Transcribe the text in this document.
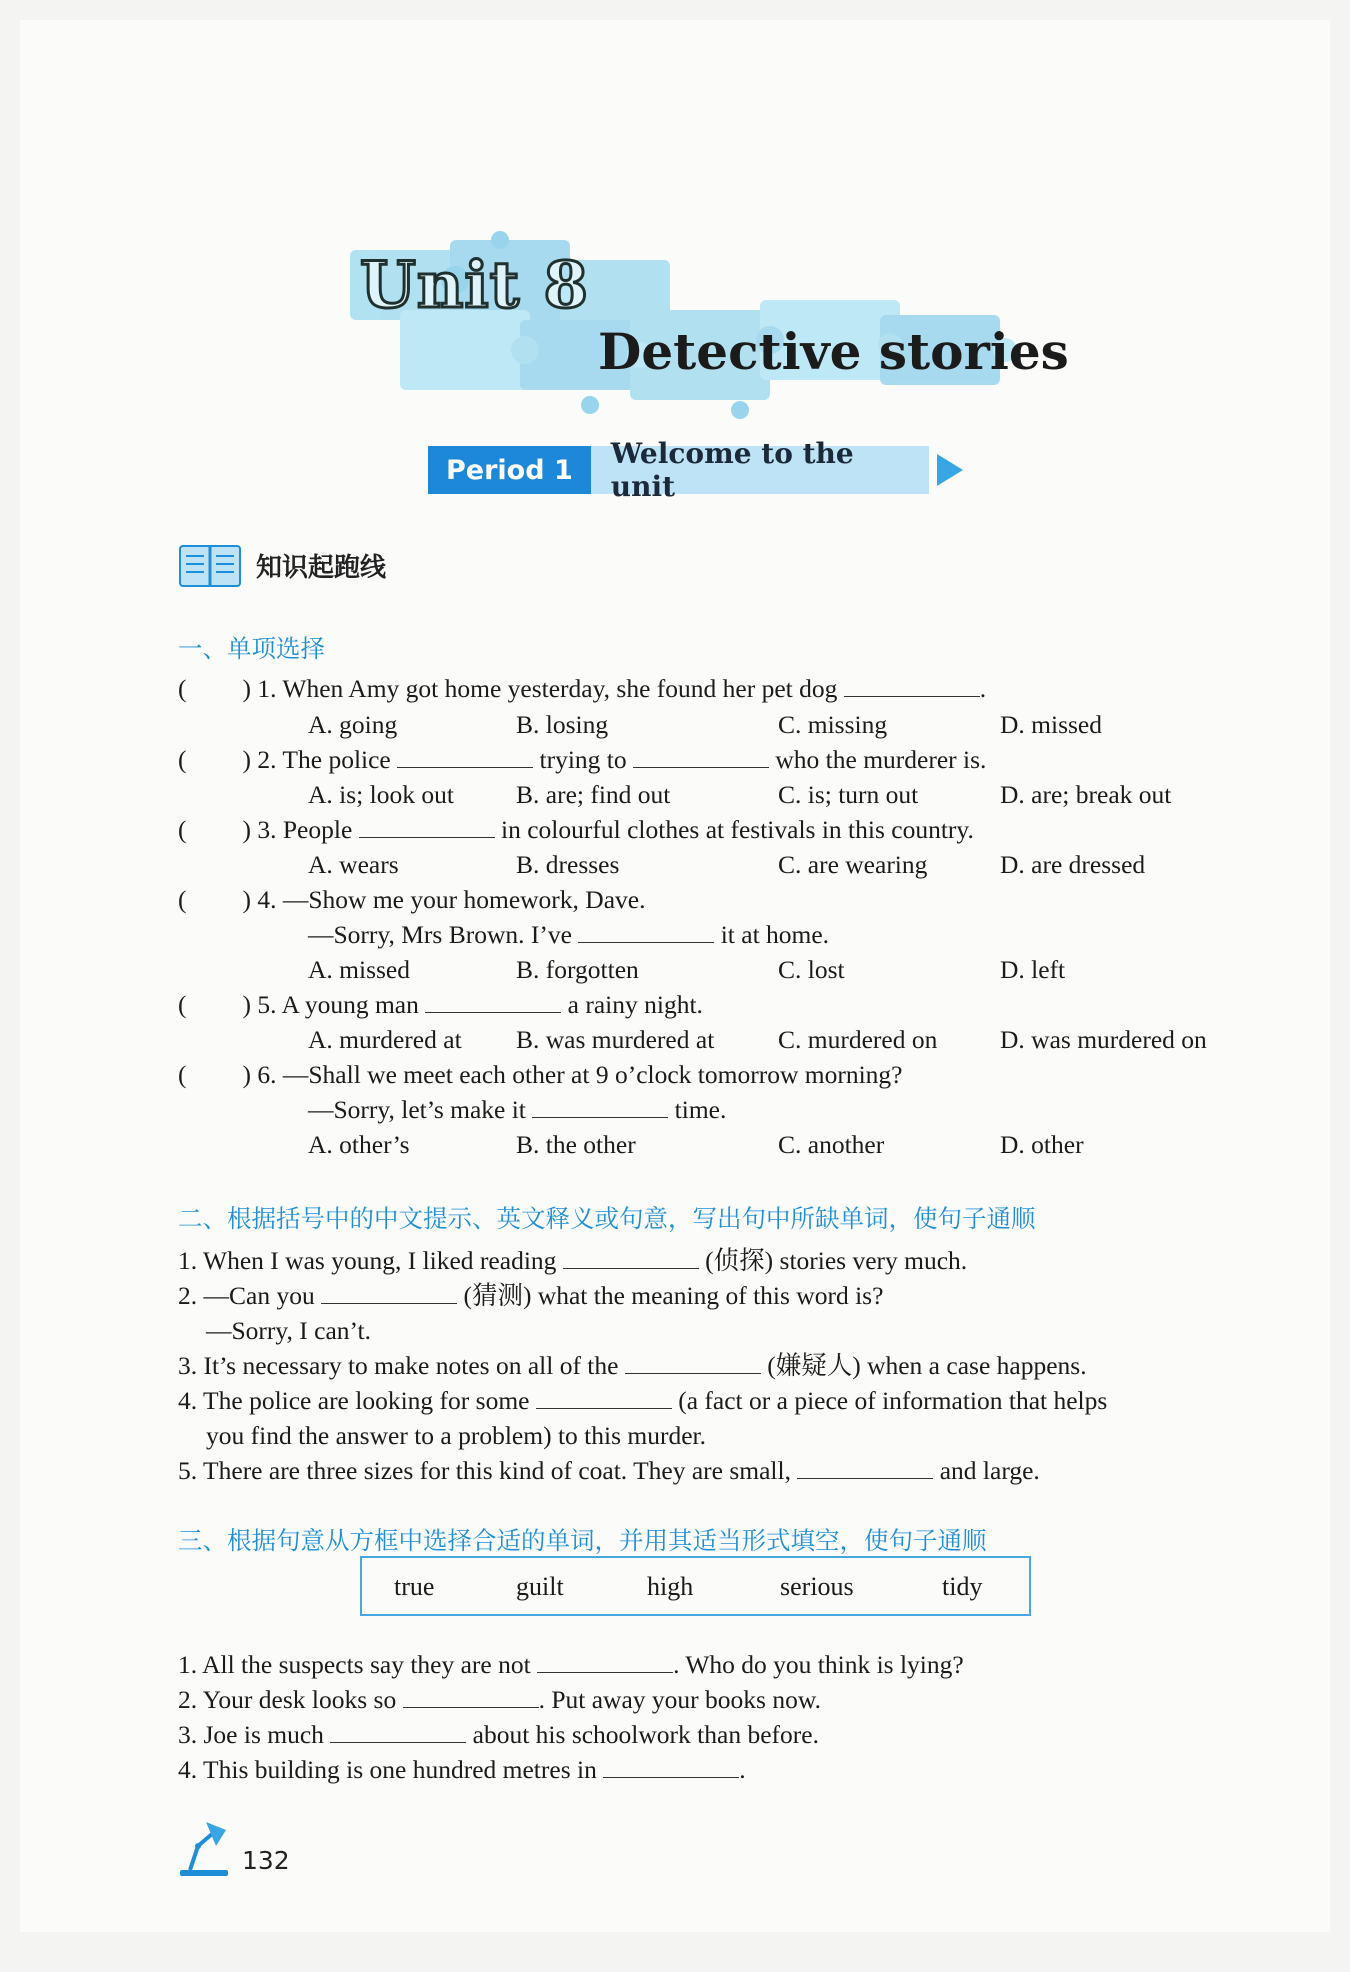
Unit 8
Detective stories
Period 1	Welcome to the unit
知识起跑线
一、单项选择
( ) 1. When Amy got home yesterday, she found her pet dog	.
A. going	B. losing	C. missing	D. missed
( ) 2. The police	trying to	who the murderer is.
A. is; look out B. are; find out	C. is; turn out	D. are; break out
( ) 3. People	in colourful clothes at festivals in this country.
A. wears	B. dresses	C. are wearing	D. are dressed
( ) 4. —Show me your homework, Dave.
—Sorry, Mrs Brown. I’ve	it at home.
A. missed	B. forgotten	C. lost	D. left
( ) 5. A young man	a rainy night.
A. murdered at B. was murdered at C. murdered on D. was murdered on
( ) 6. —Shall we meet each other at 9 o’clock tomorrow morning?
—Sorry, let’s make it	time.
A. other’s	B. the other	C. another	D. other
二、根据括号中的中文提示、英文释义或句意，写出句中所缺单词，使句子通顺
1. When I was young, I liked reading	(侦探) stories very much.
2. —Can you	(猜测) what the meaning of this word is?
—Sorry, I can’t.
3. It’s necessary to make notes on all of the	(嫌疑人) when a case happens.
4. The police are looking for some	(a fact or a piece of information that helps
you find the answer to a problem) to this murder.
5. There are three sizes for this kind of coat. They are small,	and large.
三、根据句意从方框中选择合适的单词，并用其适当形式填空，使句子通顺
true	guilt	high	serious	tidy
1. All the suspects say they are not	. Who do you think is lying?
2. Your desk looks so	. Put away your books now.
3. Joe is much	about his schoolwork than before.
4. This building is one hundred metres in	.
132
